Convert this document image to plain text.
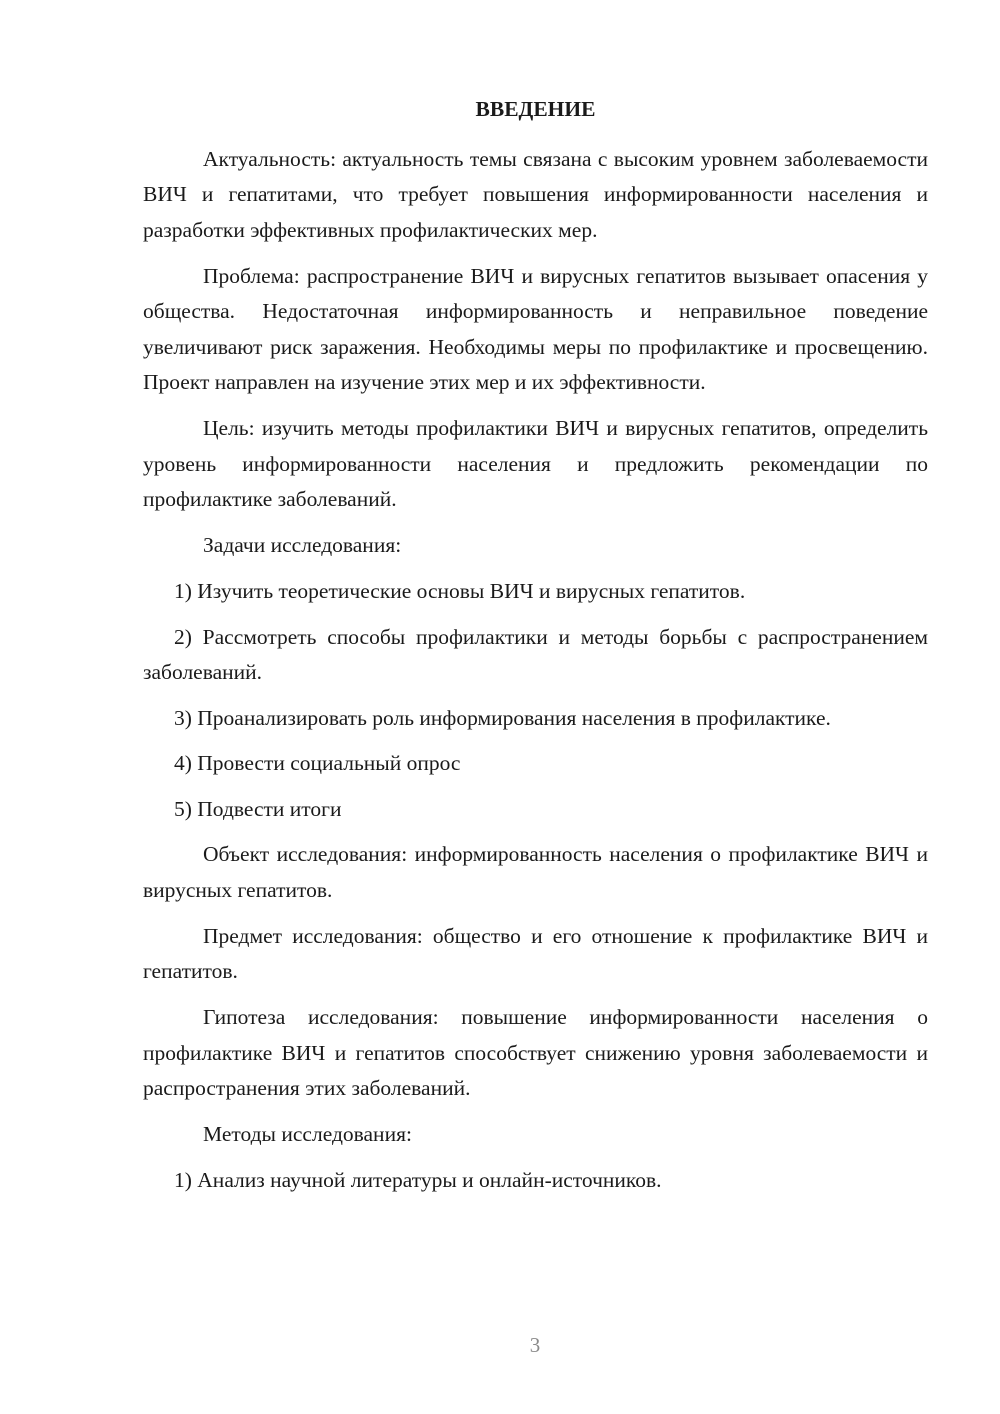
ВВЕДЕНИЕ

Актуальность: актуальность темы связана с высоким уровнем заболеваемости ВИЧ и гепатитами, что требует повышения информированности населения и разработки эффективных профилактических мер.

Проблема: распространение ВИЧ и вирусных гепатитов вызывает опасения у общества. Недостаточная информированность и неправильное поведение увеличивают риск заражения. Необходимы меры по профилактике и просвещению. Проект направлен на изучение этих мер и их эффективности.

Цель: изучить методы профилактики ВИЧ и вирусных гепатитов, определить уровень информированности населения и предложить рекомендации по профилактике заболеваний.

Задачи исследования:

1) Изучить теоретические основы ВИЧ и вирусных гепатитов.

2) Рассмотреть способы профилактики и методы борьбы с распространением заболеваний.

3) Проанализировать роль информирования населения в профилактике.

4) Провести социальный опрос

5) Подвести итоги

Объект исследования: информированность населения о профилактике ВИЧ и вирусных гепатитов.

Предмет исследования: общество и его отношение к профилактике ВИЧ и гепатитов.

Гипотеза исследования: повышение информированности населения о профилактике ВИЧ и гепатитов способствует снижению уровня заболеваемости и распространения этих заболеваний.

Методы исследования:

1) Анализ научной литературы и онлайн-источников.

3
